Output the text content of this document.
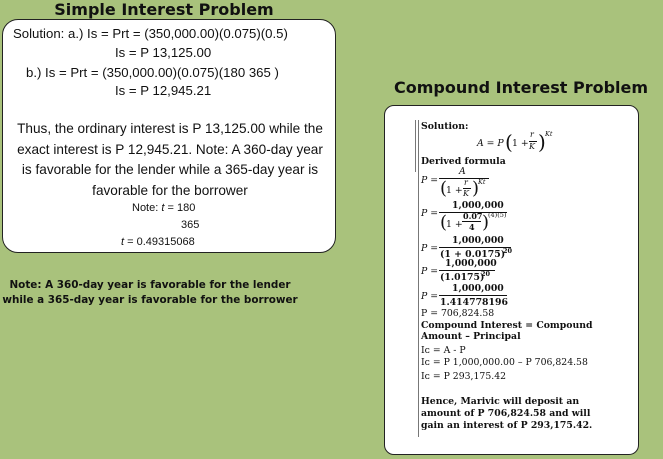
Simple Interest Problem
Solution: a.) Is = Prt = (350,000.00)(0.075)(0.5)
Is = P 13,125.00
b.) Is = Prt = (350,000.00)(0.075)(180 365 )
Is = P 12,945.21
Thus, the ordinary interest is P 13,125.00 while the exact interest is P 12,945.21. Note: A 360-day year is favorable for the lender while a 365-day year is favorable for the borrower
Note: t = 180
365
t = 0.49315068
Note: A 360-day year is favorable for the lender while a 365-day year is favorable for the borrower
Compound Interest Problem
Solution:
A = P ( 1 +
r
K ) Kt
Derived formula
P =
A
(
1 +
r
K )
Kt
P =
1,000,000
(
1 +
0.07
4 )
(4)(5)
P =
1,000,000
(1 + 0.0175)
20
P =
1,000,000
(1.0175)
20
P =
1,000,000
1.414778196
P = 706,824.58
Compound Interest = Compound Amount – Principal
Iᴄ = A - P
Iᴄ = P 1,000,000.00 – P 706,824.58
Iᴄ = P 293,175.42
Hence, Marivic will deposit an amount of P 706,824.58 and will gain an interest of P 293,175.42.
